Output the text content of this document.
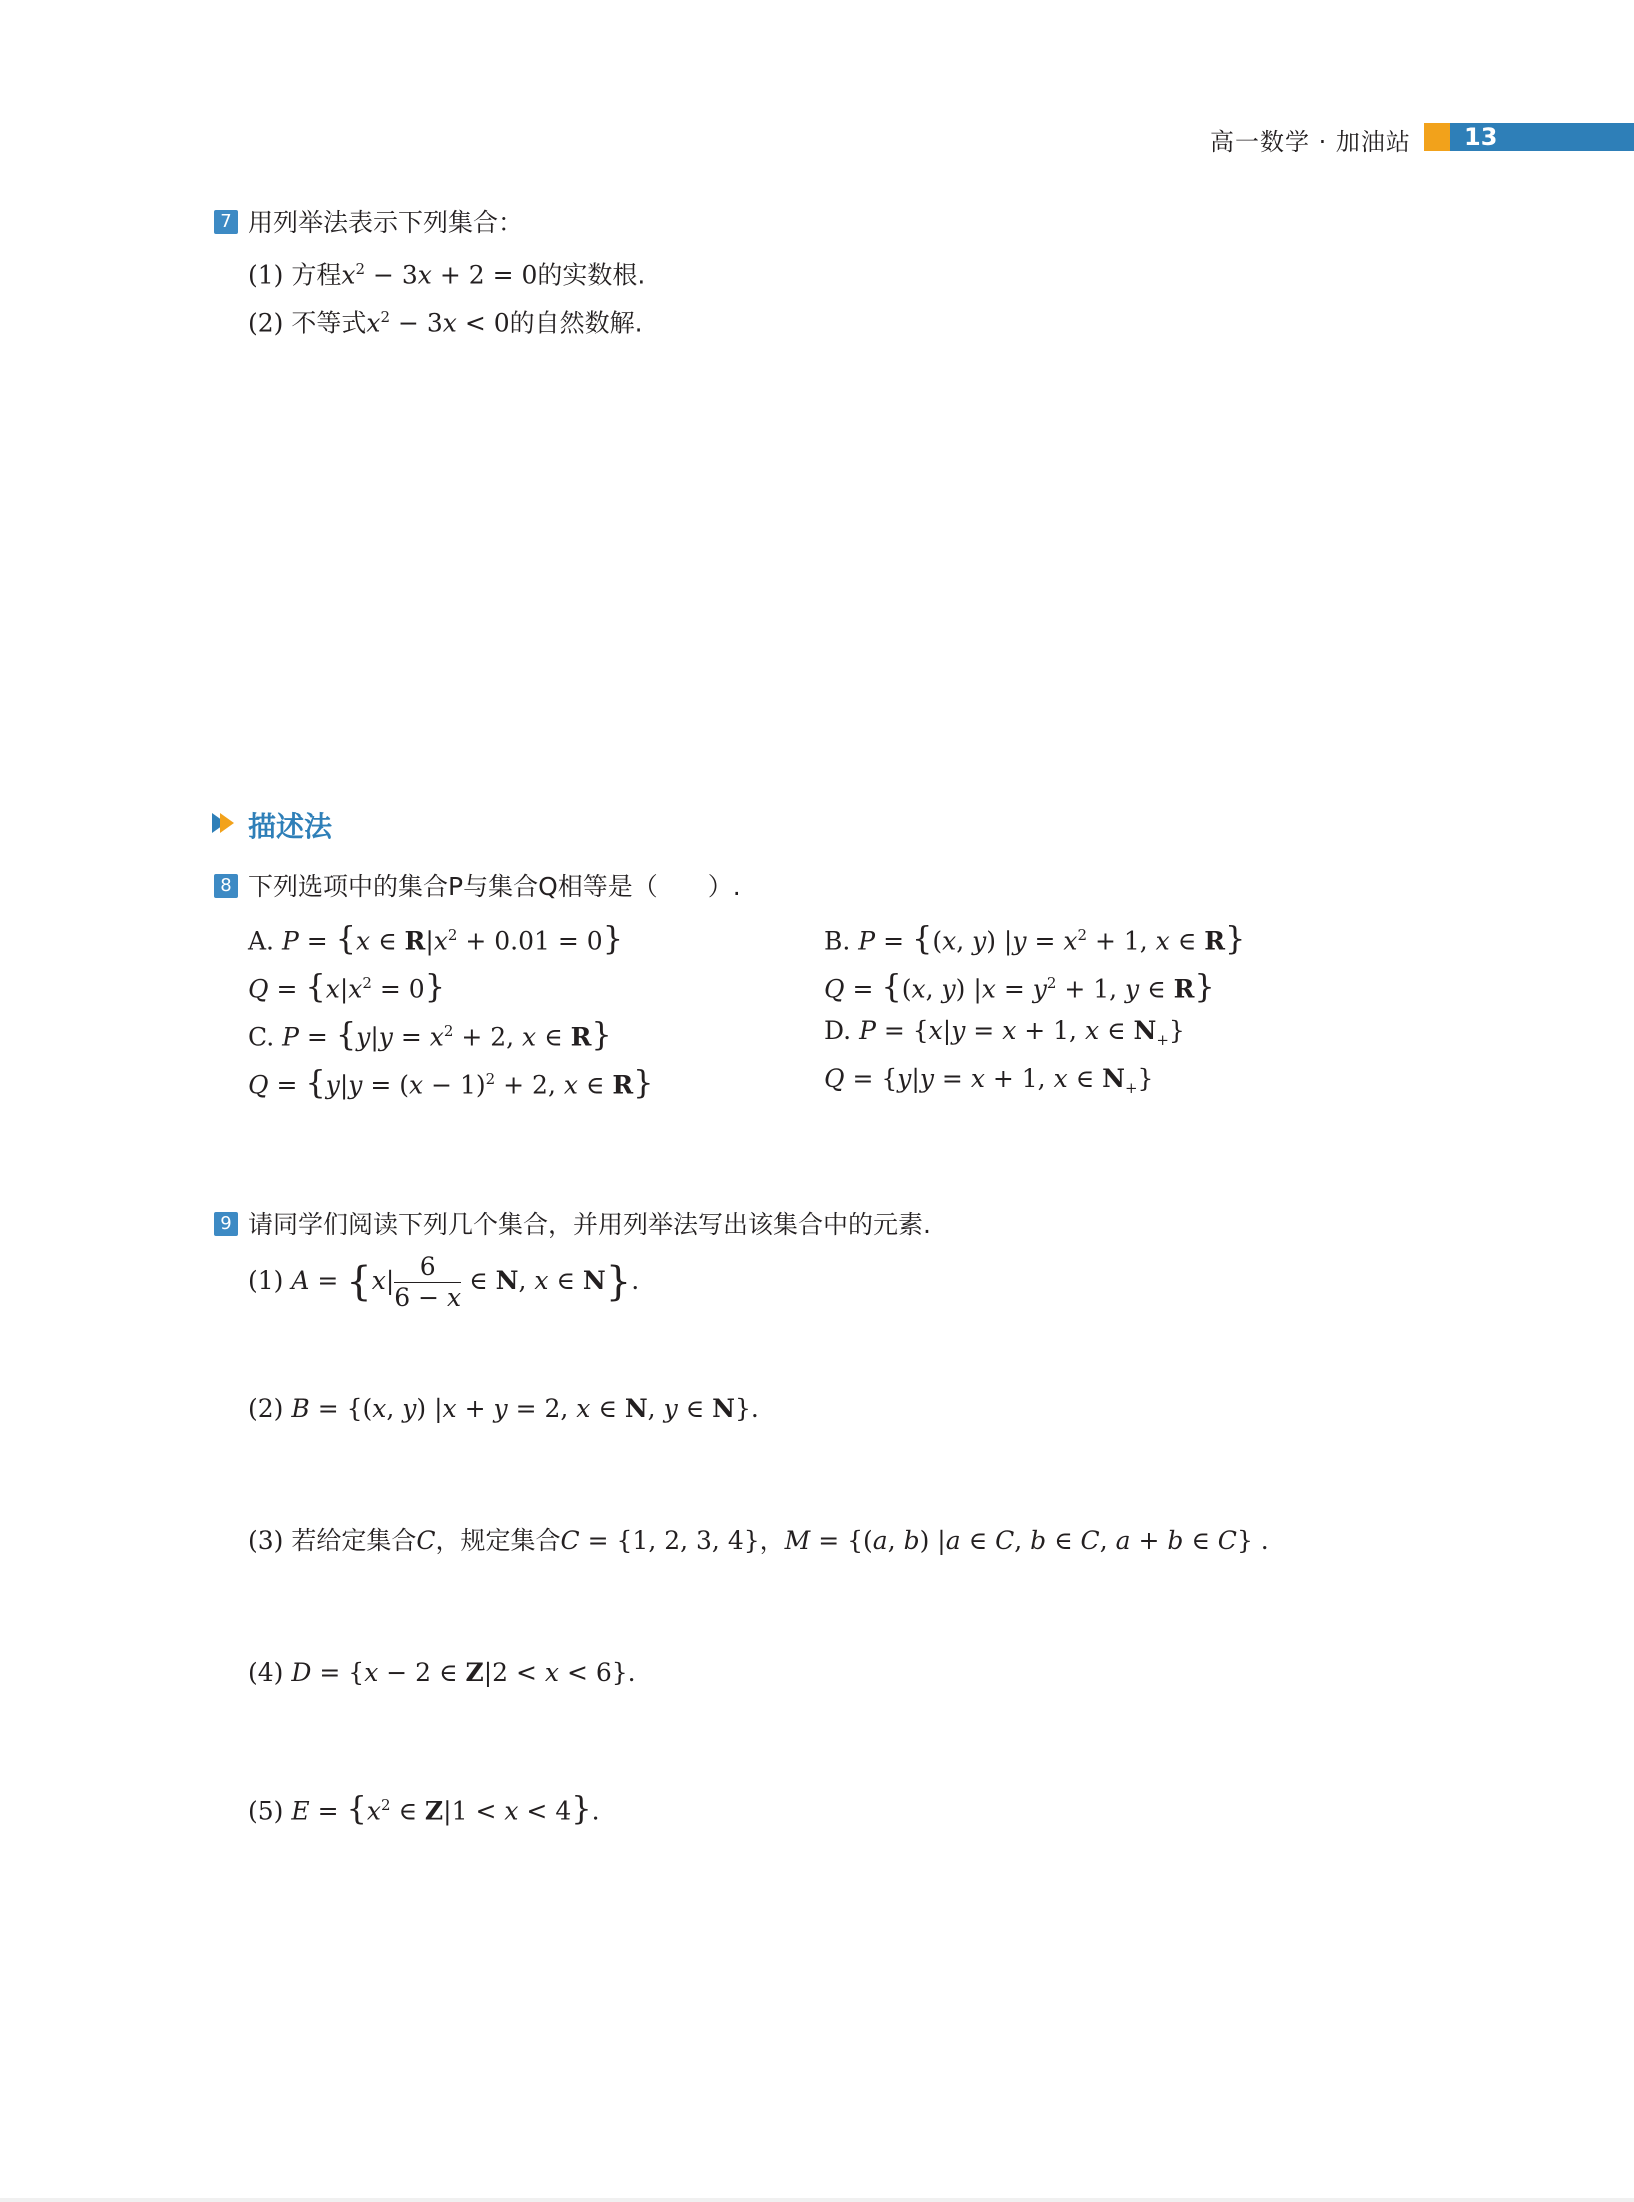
高一数学 · 加油站 13
7 用列举法表示下列集合：
(1) 方程$x^2 - 3x + 2 = 0$的实数根.
(2) 不等式$x^2 - 3x < 0$的自然数解.
描述法
8 下列选项中的集合P与集合Q相等是（　　）.
A. P = {x ∈ $R|x^2 + 0.01 = 0$}
$Q = \{x|x^2 = 0\}$
B. P = {(x, y) $|y = x^2 + 1$, x ∈ R}
Q = {(x, y) $|x = y^2 + 1$, y ∈ R}
C. $P = \{y|y = x^2 + 2$, x ∈ R}
$Q = \{y|y = (x - 1)^2 + 2$, x ∈ R}
D. P = {x|y = x + 1, x ∈ $N_+$}
Q = {y|y = x + 1, x ∈ $N_+$}
9 请同学们阅读下列几个集合，并用列举法写出该集合中的元素.
(1) $A = \{x| \frac{6}{6 - x}$ ∈ N, x ∈ N}.
(2) B = {(x, y) |x + y = 2, x ∈ N, y ∈ N}.
(3) 若给定集合C，规定集合C = {1, 2, 3, 4}，M = {(a, b) |a ∈ C, b ∈ C, a + b ∈ C} .
(4) D = {x − 2 ∈ Z|2 < x < 6}.
(5) $E = \{x^2$ ∈ Z|1 < x < 4}.
